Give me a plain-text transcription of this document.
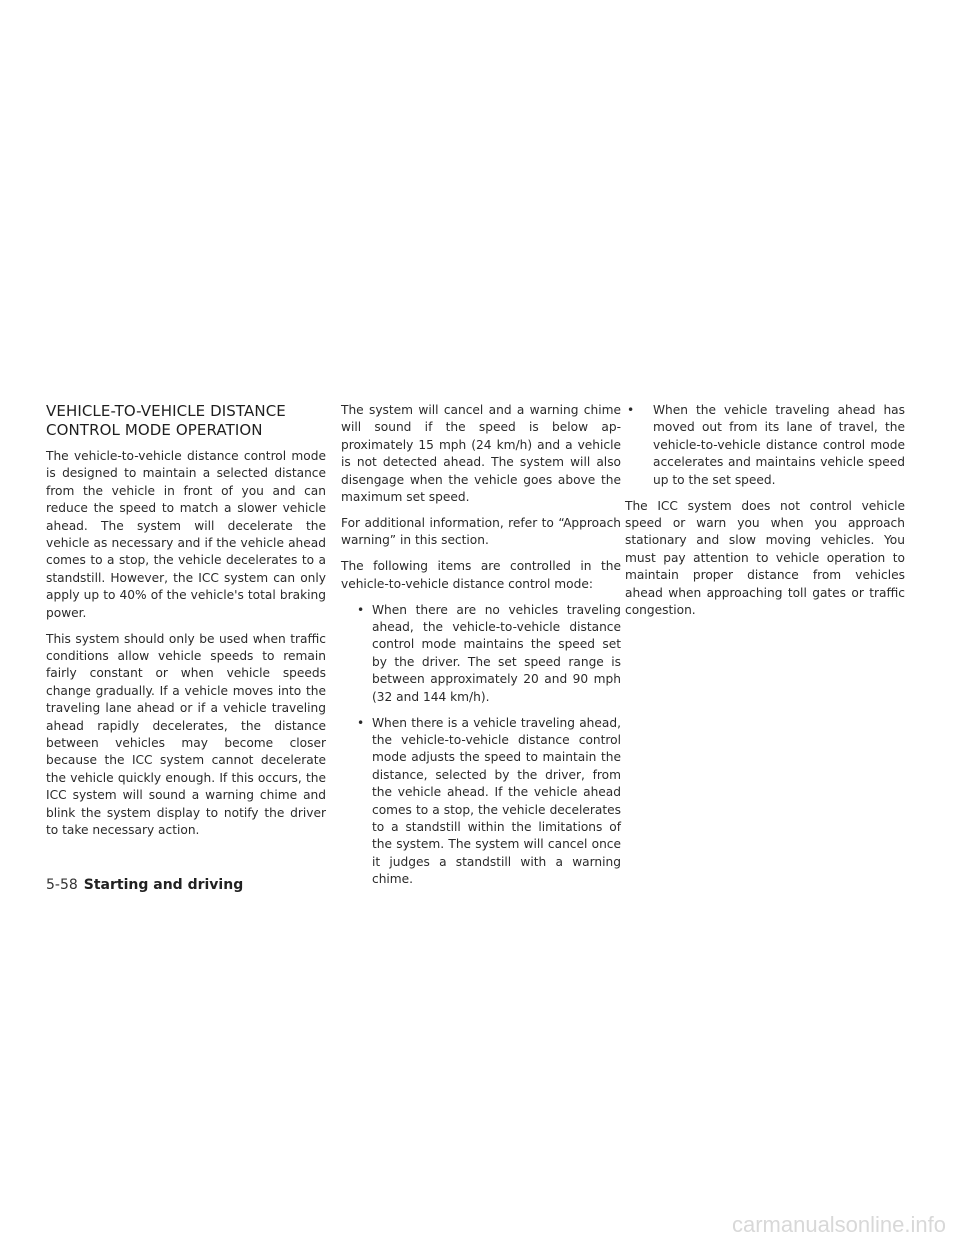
VEHICLE-TO-VEHICLE DISTANCE
CONTROL MODE OPERATION

The vehicle-to-vehicle distance control mode is designed to maintain a selected distance from the vehicle in front of you and can reduce the speed to match a slower vehicle ahead. The system will decelerate the vehicle as necessary and if the vehicle ahead comes to a stop, the vehicle decelerates to a standstill. However, the ICC system can only apply up to 40% of the vehicle's total braking power.

This system should only be used when traffic conditions allow vehicle speeds to remain fairly constant or when vehicle speeds change gradually. If a vehicle moves into the traveling lane ahead or if a vehicle traveling ahead rapidly decelerates, the distance between vehicles may become closer because the ICC system cannot decelerate the vehicle quickly enough. If this occurs, the ICC system will sound a warning chime and blink the system display to notify the driver to take necessary action.

The system will cancel and a warning chime will sound if the speed is below approximately 15 mph (24 km/h) and a vehicle is not detected ahead. The system will also disengage when the vehicle goes above the maximum set speed.

For additional information, refer to “Approach warning” in this section.

The following items are controlled in the vehicle-to-vehicle distance control mode:

• When there are no vehicles traveling ahead, the vehicle-to-vehicle distance control mode maintains the speed set by the driver. The set speed range is between approximately 20 and 90 mph (32 and 144 km/h).
• When there is a vehicle traveling ahead, the vehicle-to-vehicle distance control mode adjusts the speed to maintain the distance, selected by the driver, from the vehicle ahead. If the vehicle ahead comes to a stop, the vehicle decelerates to a standstill within the limitations of the system. The system will cancel once it judges a standstill with a warning chime.
• When the vehicle traveling ahead has moved out from its lane of travel, the vehicle-to-vehicle distance control mode accelerates and maintains vehicle speed up to the set speed.

The ICC system does not control vehicle speed or warn you when you approach stationary and slow moving vehicles. You must pay attention to vehicle operation to maintain proper distance from vehicles ahead when approaching toll gates or traffic congestion.

5-58 Starting and driving
carmanualsonline.info
